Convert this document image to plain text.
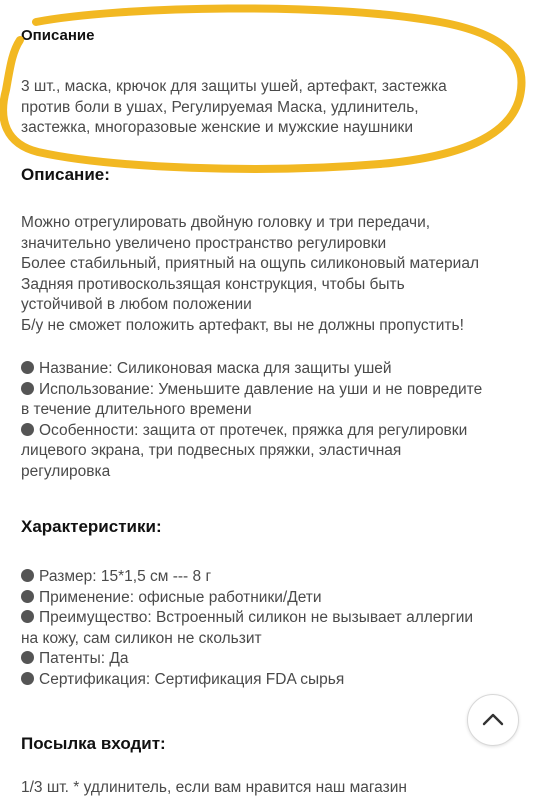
Описание
3 шт., маска, крючок для защиты ушей, артефакт, застежка
против боли в ушах, Регулируемая Маска, удлинитель,
застежка, многоразовые женские и мужские наушники
Описание:
Можно отрегулировать двойную головку и три передачи,
значительно увеличено пространство регулировки
Более стабильный, приятный на ощупь силиконовый материал
Задняя противоскользящая конструкция, чтобы быть
устойчивой в любом положении
Б/у не сможет положить артефакт, вы не должны пропустить!
Название: Силиконовая маска для защиты ушей
Использование: Уменьшите давление на уши и не повредите
в течение длительного времени
Особенности: защита от протечек, пряжка для регулировки
лицевого экрана, три подвесных пряжки, эластичная
регулировка
Характеристики:
Размер: 15*1,5 см --- 8 г
Применение: офисные работники/Дети
Преимущество: Встроенный силикон не вызывает аллергии
на кожу, сам силикон не скользит
Патенты: Да
Сертификация: Сертификация FDA сырья
Посылка входит:
1/3 шт. * удлинитель, если вам нравится наш магазин
